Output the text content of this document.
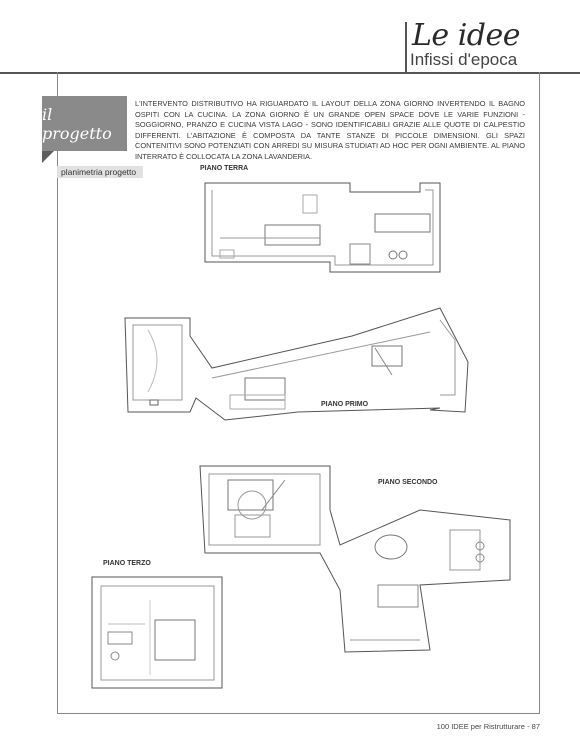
Le idee
Infissi d'epoca
il progetto

L'INTERVENTO DISTRIBUTIVO HA RIGUARDATO IL LAYOUT DELLA ZONA GIORNO INVERTENDO IL BAGNO OSPITI CON LA CUCINA. LA ZONA GIORNO È UN GRANDE OPEN SPACE DOVE LE VARIE FUNZIONI - SOGGIORNO, PRANZO E CUCINA VISTA LAGO - SONO IDENTIFICABILI GRAZIE ALLE QUOTE DI CALPESTIO DIFFERENTI. L'ABITAZIONE È COMPOSTA DA TANTE STANZE DI PICCOLE DIMENSIONI. GLI SPAZI CONTENITIVI SONO POTENZIATI CON ARREDI SU MISURA STUDIATI AD HOC PER OGNI AMBIENTE. AL PIANO INTERRATO È COLLOCATA LA ZONA LAVANDERIA.

planimetria progetto	PIANO TERRA
PIANO PRIMO
PIANO SECONDO
PIANO TERZO
100 IDEE per Ristrutturare - 87
